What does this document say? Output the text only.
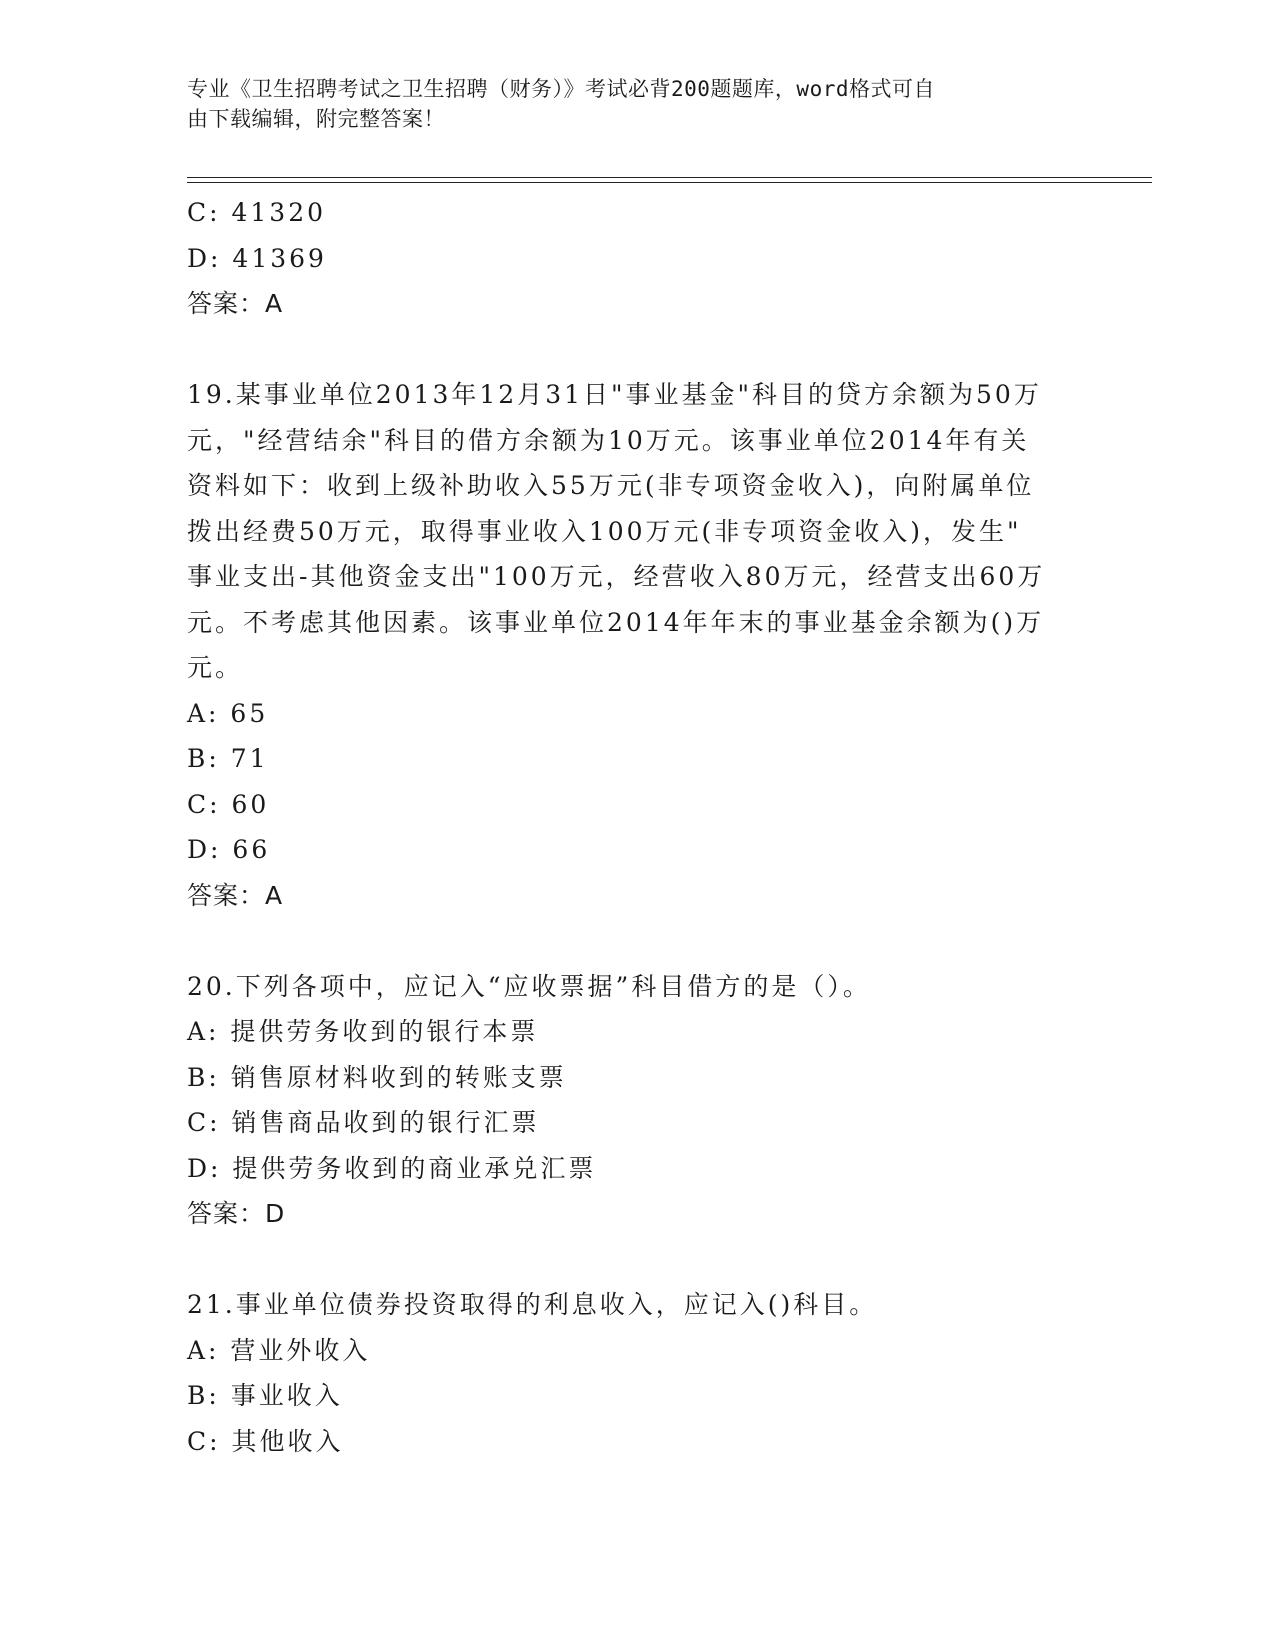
专业《卫生招聘考试之卫生招聘（财务）》考试必背200题题库，word格式可自
由下载编辑，附完整答案！
C: 41320
D: 41369
答案：A
19.某事业单位2013年12月31日"事业基金"科目的贷方余额为50万
元，"经营结余"科目的借方余额为10万元。该事业单位2014年有关
资料如下：收到上级补助收入55万元(非专项资金收入)，向附属单位
拨出经费50万元，取得事业收入100万元(非专项资金收入)，发生"
事业支出-其他资金支出"100万元，经营收入80万元，经营支出60万
元。不考虑其他因素。该事业单位2014年年末的事业基金余额为()万
元。
A: 65
B: 71
C: 60
D: 66
答案：A
20.下列各项中，应记入“应收票据”科目借方的是（）。
A: 提供劳务收到的银行本票
B: 销售原材料收到的转账支票
C: 销售商品收到的银行汇票
D: 提供劳务收到的商业承兑汇票
答案：D
21.事业单位债券投资取得的利息收入，应记入()科目。
A: 营业外收入
B: 事业收入
C: 其他收入
